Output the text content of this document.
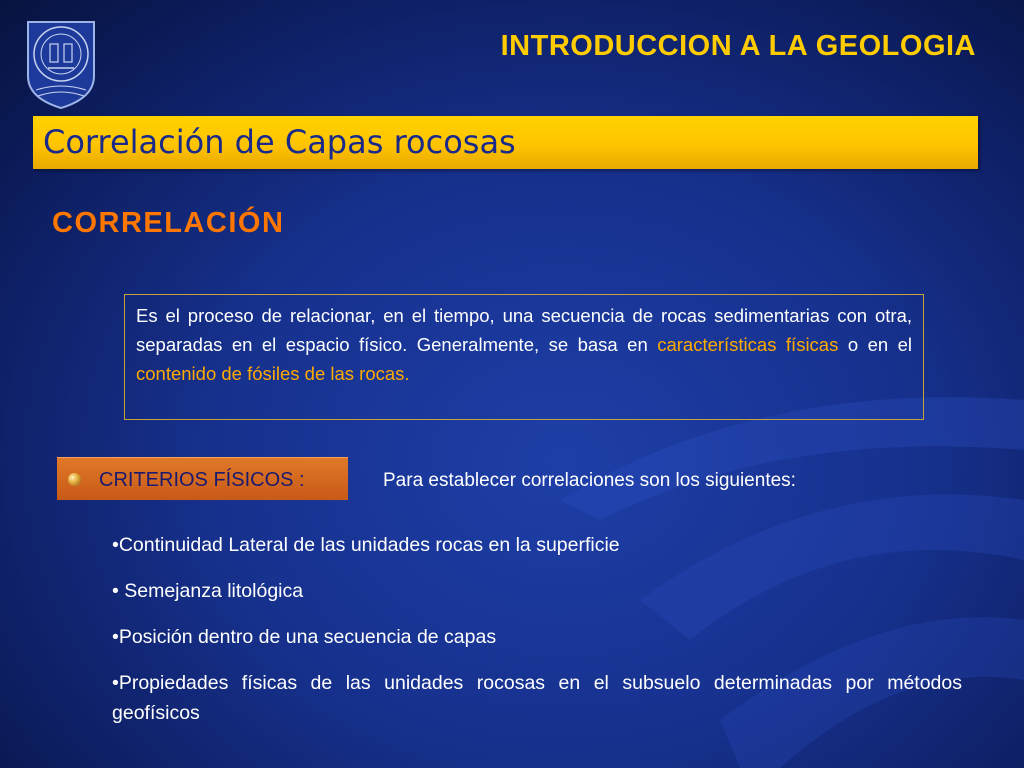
INTRODUCCION A LA GEOLOGIA
Correlación de Capas rocosas
CORRELACIÓN
Es el proceso de relacionar, en el tiempo, una secuencia de rocas sedimentarias con otra, separadas en el espacio físico. Generalmente, se basa en características físicas o en el contenido de fósiles de las rocas.
CRITERIOS FÍSICOS :	Para establecer correlaciones son los siguientes:
•Continuidad Lateral de las unidades rocas en la superficie
• Semejanza litológica
•Posición dentro de una secuencia de capas
•Propiedades físicas de las unidades rocosas en el subsuelo determinadas por métodos geofísicos
